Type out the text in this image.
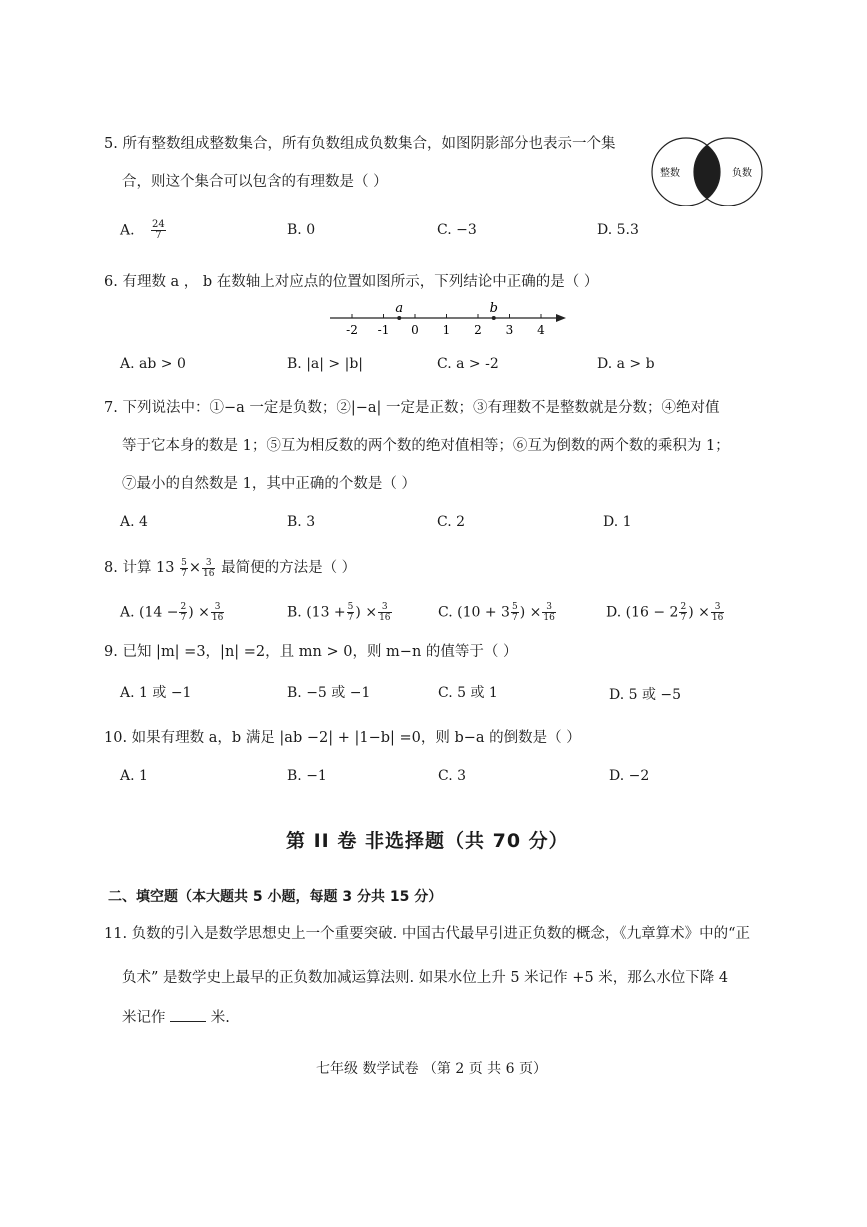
5. 所有整数组成整数集合，所有负数组成负数集合，如图阴影部分也表示一个集
合，则这个集合可以包含的有理数是（ ）
整数	负数
A. $\frac{24}{7}$	B. 0	C. −3	D. 5.3
6. 有理数 a ， b 在数轴上对应点的位置如图所示，下列结论中正确的是（ ）
-2 -1 0 1 2 3 4
a	b
A. ab > 0	B. |a| > |b|	C. a > -2	D. a > b
7. 下列说法中：①−a 一定是负数；②|−a| 一定是正数；③有理数不是整数就是分数；④绝对值
等于它本身的数是 1；⑤互为相反数的两个数的绝对值相等；⑥互为倒数的两个数的乘积为 1；
⑦最小的自然数是 1，其中正确的个数是（ ）
A. 4	B. 3	C. 2	D. 1
8. 计算 $13 \frac{5}{7} \times \frac{3}{16}$ 最简便的方法是（ ）
A. ($14 - \frac{2}{7}$ ) × $\frac{3}{16}$	B. ($13 + \frac{5}{7}$ ) × $\frac{3}{16}$	C. ($10 + 3 \frac{5}{7}$ ) × $\frac{3}{16}$	D. ($16 - 2 \frac{2}{7}$ ) × $\frac{3}{16}$
9. 已知 |m| =3，|n| =2，且 mn > 0，则 m−n 的值等于（ ）
A. 1 或 −1	B. −5 或 −1	C. 5 或 1	D. 5 或 −5
10. 如果有理数 a，b 满足 |ab −2| + |1−b| =0，则 b−a 的倒数是（ ）
A. 1	B. −1	C. 3	D. −2
第 II 卷 非选择题（共 70 分）
二、填空题（本大题共 5 小题，每题 3 分共 15 分）
11. 负数的引入是数学思想史上一个重要突破. 中国古代最早引进正负数的概念，《九章算术》中的“正
负术” 是数学史上最早的正负数加减运算法则. 如果水位上升 5 米记作 +5 米，那么水位下降 4
米记作	米.
七年级 数学试卷 （第 2 页 共 6 页）
